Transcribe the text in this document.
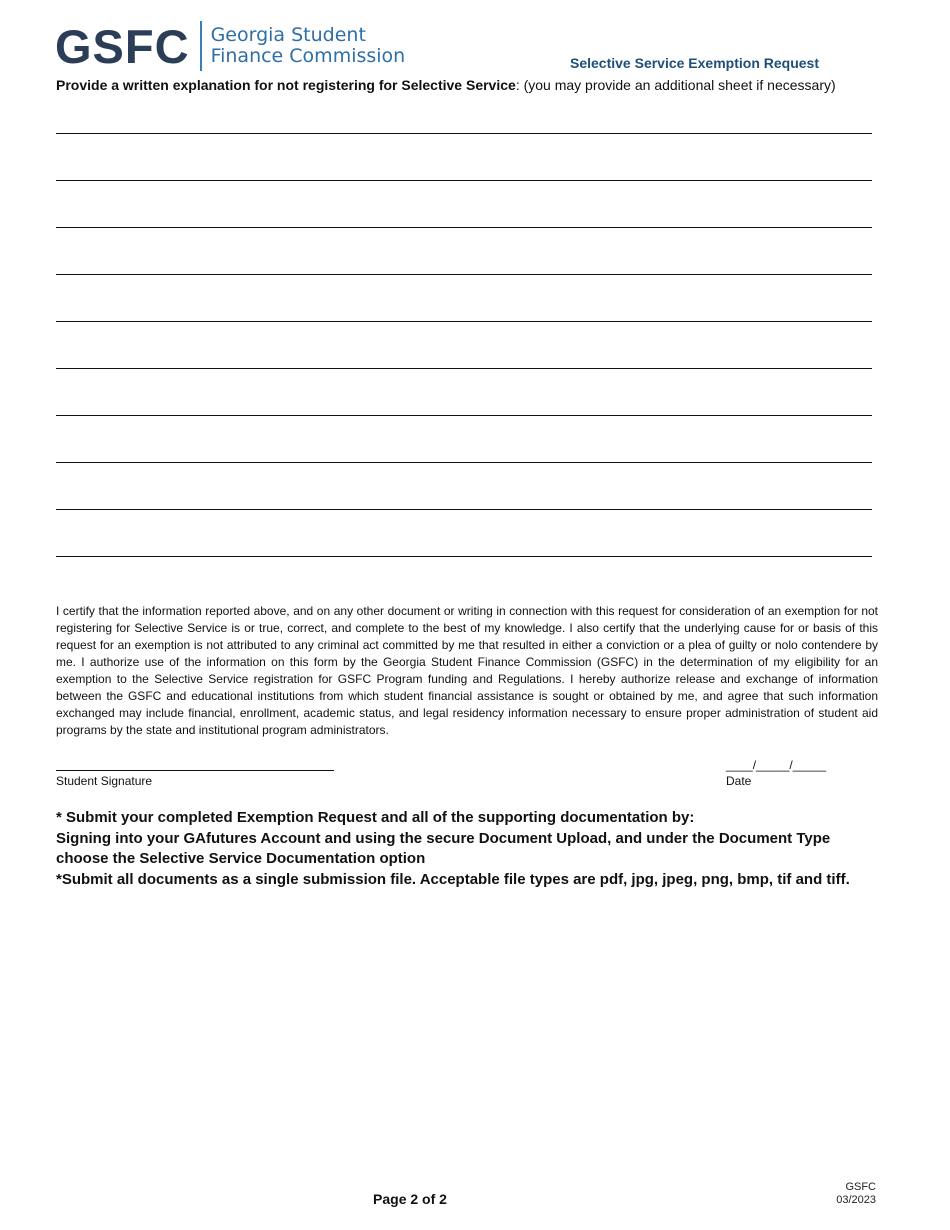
GSFC Georgia Student
Finance Commission	Selective Service Exemption Request
Provide a written explanation for not registering for Selective Service: (you may provide an additional sheet if necessary)
I certify that the information reported above, and on any other document or writing in connection with this request for consideration of an exemption for not registering for Selective Service is or true, correct, and complete to the best of my knowledge. I also certify that the underlying cause for or basis of this request for an exemption is not attributed to any criminal act committed by me that resulted in either a conviction or a plea of guilty or nolo contendere by me. I authorize use of the information on this form by the Georgia Student Finance Commission (GSFC) in the determination of my eligibility for an exemption to the Selective Service registration for GSFC Program funding and Regulations. I hereby authorize release and exchange of information between the GSFC and educational institutions from which student financial assistance is sought or obtained by me, and agree that such information exchanged may include financial, enrollment, academic status, and legal residency information necessary to ensure proper administration of student aid programs by the state and institutional program administrators.
Student Signature
____/_____/_____
Date
* Submit your completed Exemption Request and all of the supporting documentation by:
Signing into your GAfutures Account and using the secure Document Upload, and under the Document Type choose the Selective Service Documentation option
*Submit all documents as a single submission file. Acceptable file types are pdf, jpg, jpeg, png, bmp, tif and tiff.
Page 2 of 2
GSFC
03/2023
